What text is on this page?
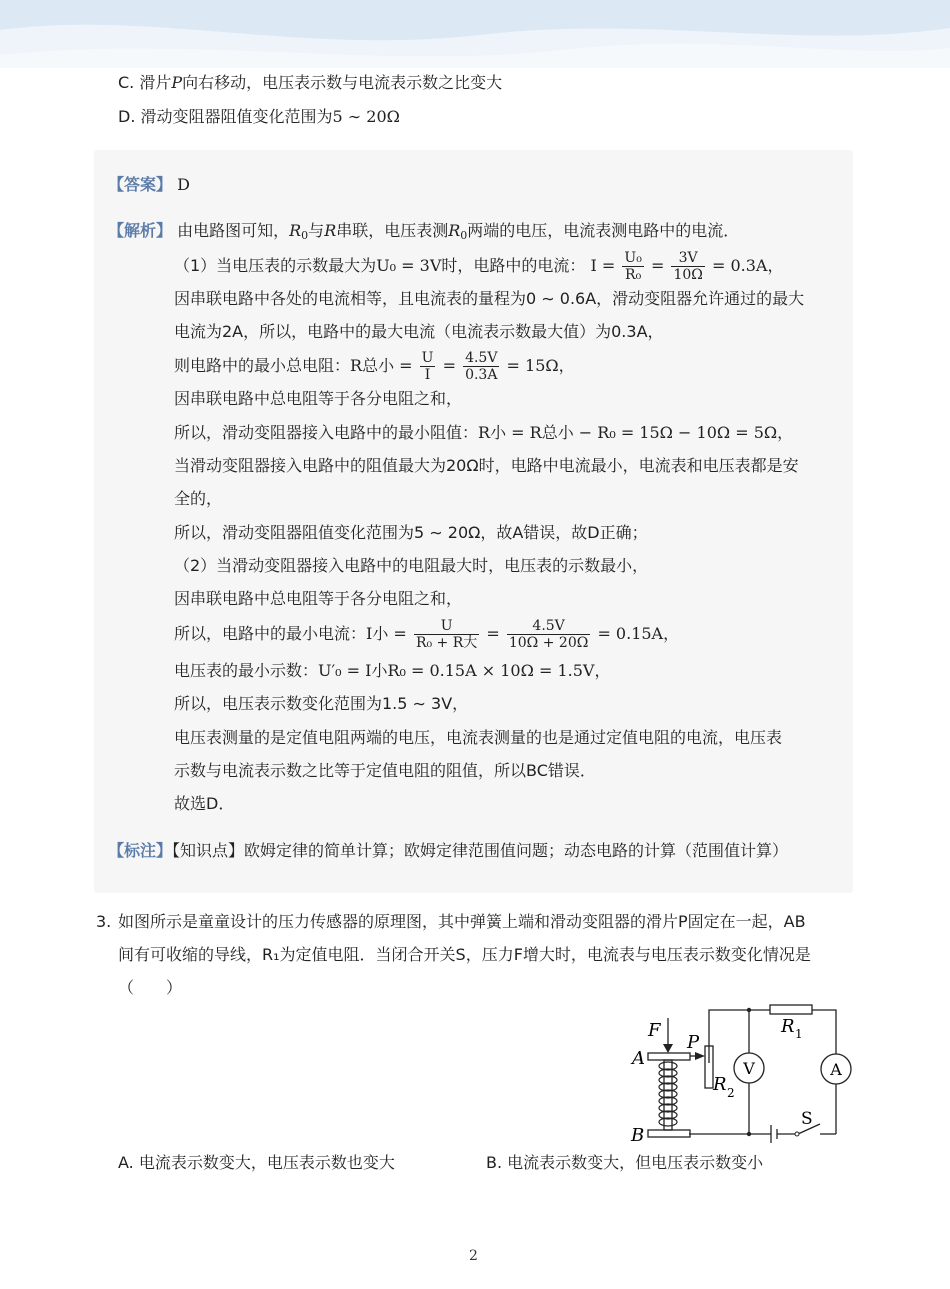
C. 滑片P向右移动，电压表示数与电流表示数之比变大
D. 滑动变阻器阻值变化范围为5 ∼ 20Ω
【答案】 D
【解析】 由电路图可知，$R_0$与R串联，电压表测$R_0$两端的电压，电流表测电路中的电流．
（1）当电压表的示数最大为U₀ = 3V时，电路中的电流： $I = \frac{\text{U₀}}{\text{R₀}} = \frac{3V}{10\Omega} = 0.3A$，
因串联电路中各处的电流相等，且电流表的量程为0 ∼ 0.6A，滑动变阻器允许通过的最大
电流为2A，所以，电路中的最大电流（电流表示数最大值）为0.3A，
则电路中的最小总电阻：R总小 = $\frac{U}{I} = \frac{4.5V}{0.3A} = 15\Omega$，
因串联电路中总电阻等于各分电阻之和，
所以，滑动变阻器接入电路中的最小阻值：R小 = R总小 − R₀ = 15Ω − 10Ω = 5Ω，
当滑动变阻器接入电路中的阻值最大为20Ω时，电路中电流最小，电流表和电压表都是安
全的，
所以，滑动变阻器阻值变化范围为5 ∼ 20Ω，故A错误，故D正确；
（2）当滑动变阻器接入电路中的电阻最大时，电压表的示数最小，
因串联电路中总电阻等于各分电阻之和，
所以，电路中的最小电流：I小 = $\frac{U}{\text{R₀ + R大}} = \frac{4.5V}{10\Omega + 20\Omega} = 0.15A$，
电压表的最小示数：U′₀ = I小R₀ = 0.15A × 10Ω = 1.5V，
所以，电压表示数变化范围为1.5 ∼ 3V，
电压表测量的是定值电阻两端的电压，电流表测量的也是通过定值电阻的电流，电压表
示数与电流表示数之比等于定值电阻的阻值，所以BC错误．
故选D．
【标注】【知识点】欧姆定律的简单计算；欧姆定律范围值问题；动态电路的计算（范围值计算）
3. 如图所示是童童设计的压力传感器的原理图，其中弹簧上端和滑动变阻器的滑片P固定在一起，AB
间有可收缩的导线，R₁为定值电阻．当闭合开关S，压力F增大时，电流表与电压表示数变化情况是
（　　）
F
P
A
B
R 1
R 2
V	A
S
A. 电流表示数变大，电压表示数也变大	B. 电流表示数变大，但电压表示数变小
2
